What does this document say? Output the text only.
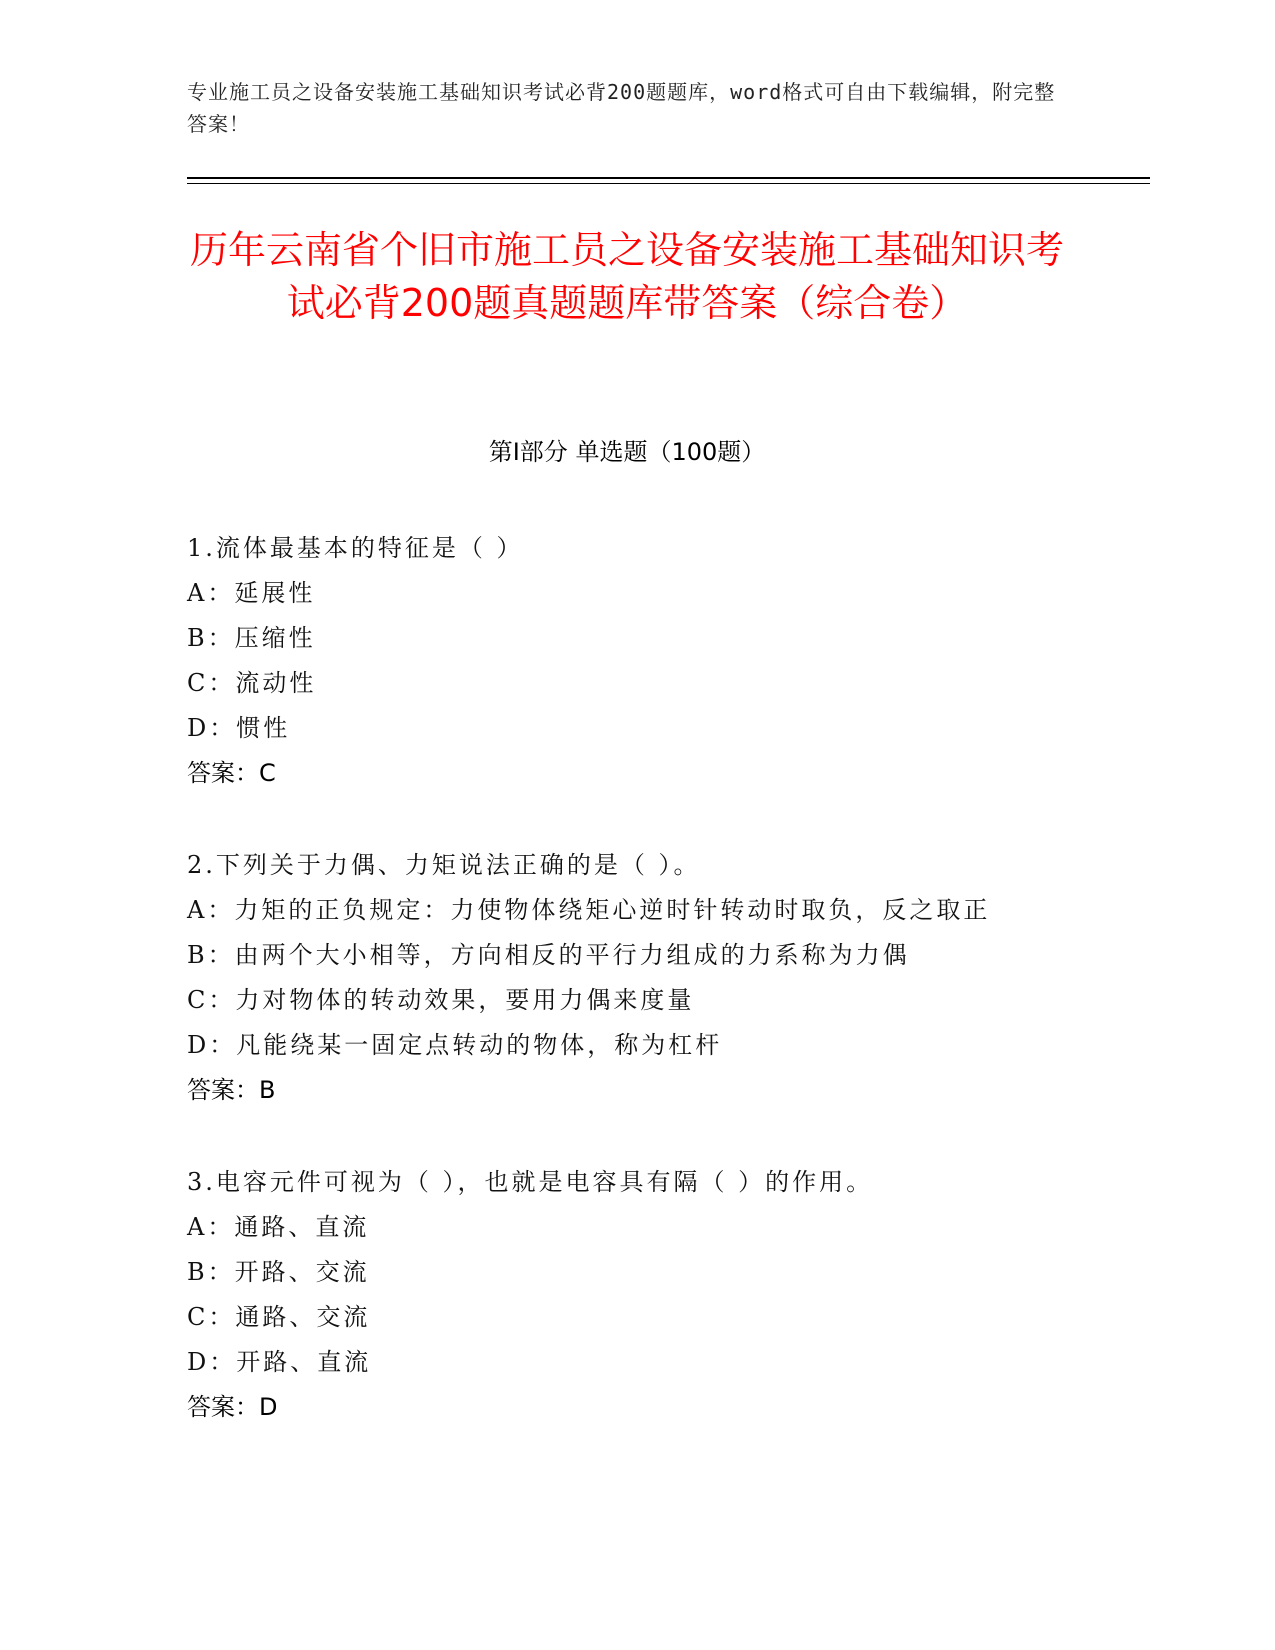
专业施工员之设备安装施工基础知识考试必背200题题库，word格式可自由下载编辑，附完整答案！
历年云南省个旧市施工员之设备安装施工基础知识考试必背200题真题题库带答案（综合卷）
第Ⅰ部分 单选题（100题）
1.流体最基本的特征是（ ）
A：延展性
B：压缩性
C：流动性
D：惯性
答案：C
2.下列关于力偶、力矩说法正确的是（ ）。
A：力矩的正负规定：力使物体绕矩心逆时针转动时取负，反之取正
B：由两个大小相等，方向相反的平行力组成的力系称为力偶
C：力对物体的转动效果，要用力偶来度量
D：凡能绕某一固定点转动的物体，称为杠杆
答案：B
3.电容元件可视为（ ），也就是电容具有隔（ ）的作用。
A：通路、直流
B：开路、交流
C：通路、交流
D：开路、直流
答案：D
